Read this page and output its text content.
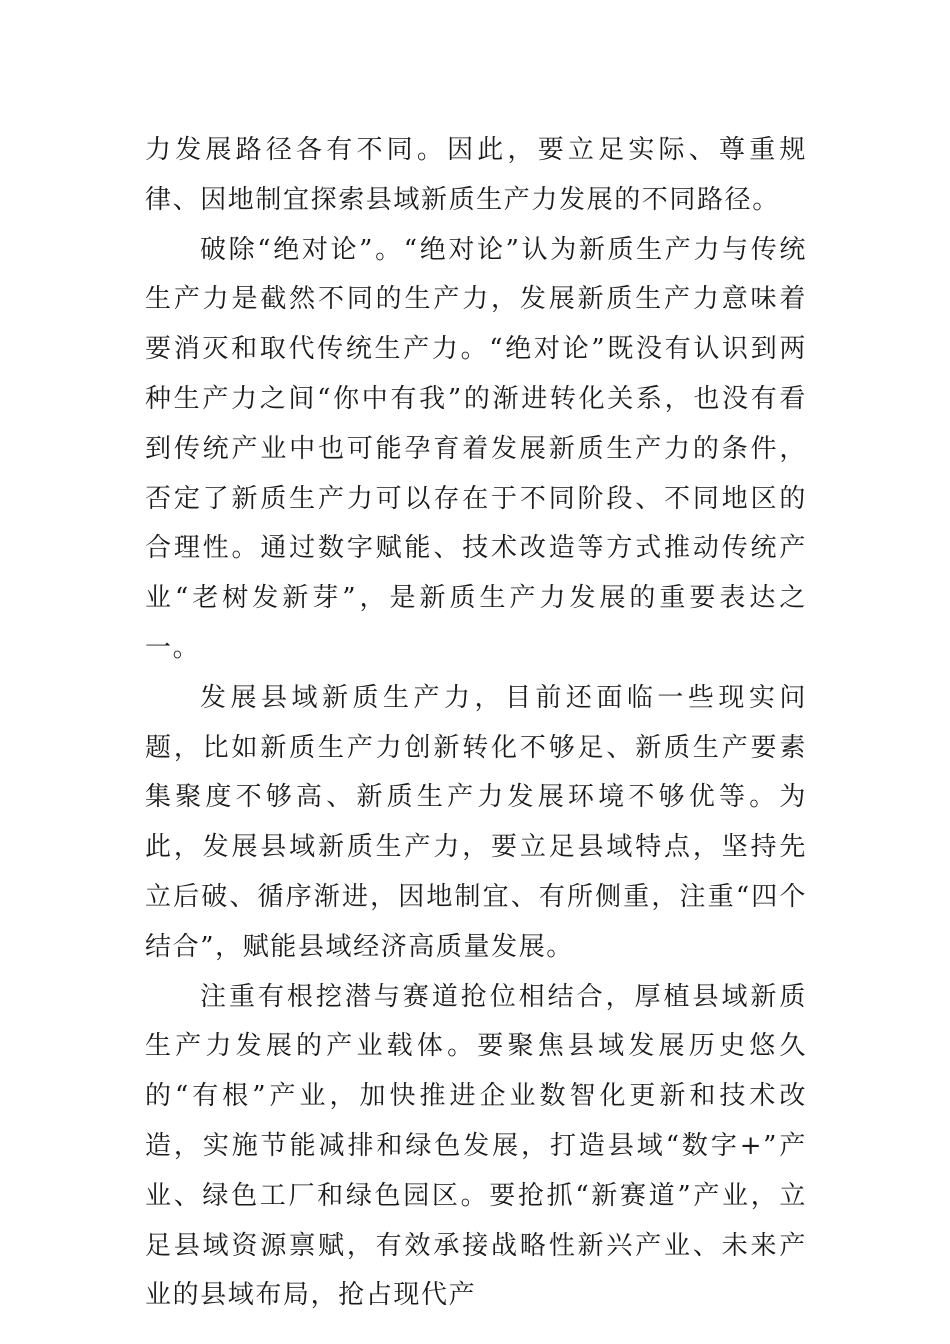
力发展路径各有不同。因此，要立足实际、尊重规律、因地制宜探索县域新质生产力发展的不同路径。

破除“绝对论”。“绝对论”认为新质生产力与传统生产力是截然不同的生产力，发展新质生产力意味着要消灭和取代传统生产力。“绝对论”既没有认识到两种生产力之间“你中有我”的渐进转化关系，也没有看到传统产业中也可能孕育着发展新质生产力的条件，否定了新质生产力可以存在于不同阶段、不同地区的合理性。通过数字赋能、技术改造等方式推动传统产业“老树发新芽”，是新质生产力发展的重要表达之一。

发展县域新质生产力，目前还面临一些现实问题，比如新质生产力创新转化不够足、新质生产要素集聚度不够高、新质生产力发展环境不够优等。为此，发展县域新质生产力，要立足县域特点，坚持先立后破、循序渐进，因地制宜、有所侧重，注重“四个结合”，赋能县域经济高质量发展。

注重有根挖潜与赛道抢位相结合，厚植县域新质生产力发展的产业载体。要聚焦县域发展历史悠久的“有根”产业，加快推进企业数智化更新和技术改造，实施节能减排和绿色发展，打造县域“数字+”产业、绿色工厂和绿色园区。要抢抓“新赛道”产业，立足县域资源禀赋，有效承接战略性新兴产业、未来产业的县域布局，抢占现代产
